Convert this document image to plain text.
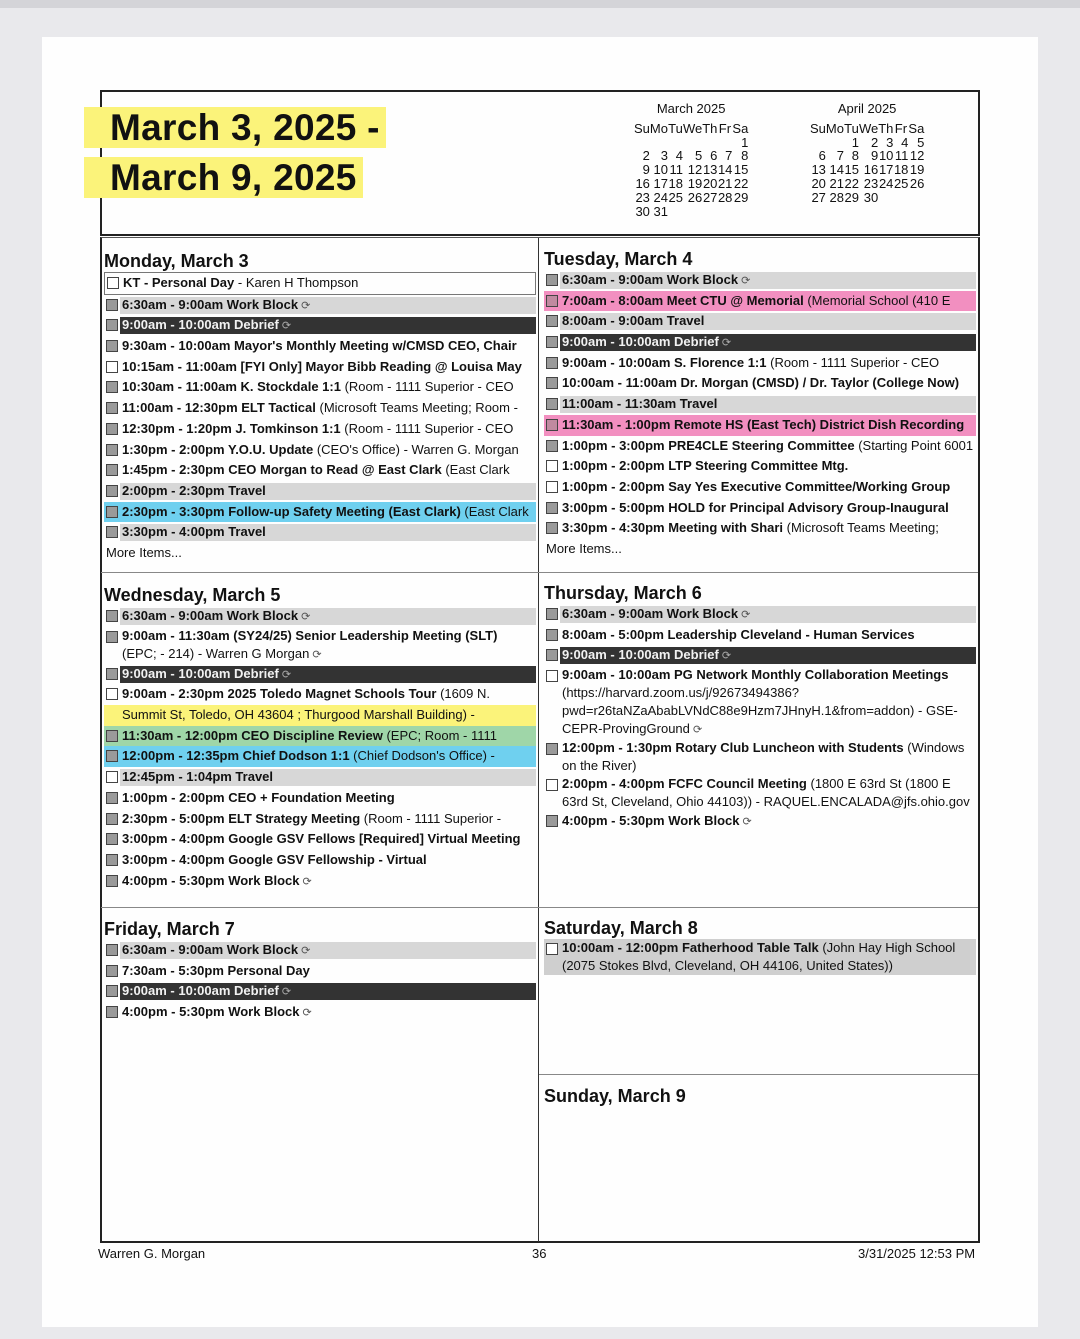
March 3, 2025 -
March 9, 2025
March 2025
Su	Mo	Tu	We	Th	Fr	Sa
						1
2	3	4	5	6	7	8
9	10	11	12	13	14	15
16	17	18	19	20	21	22
23	24	25	26	27	28	29
30	31					
April 2025
Su	Mo	Tu	We	Th	Fr	Sa
		1	2	3	4	5
6	7	8	9	10	11	12
13	14	15	16	17	18	19
20	21	22	23	24	25	26
27	28	29	30			
Monday, March 3
KT - Personal Day - Karen H Thompson
6:30am - 9:00am Work Block ⟳
9:00am - 10:00am Debrief ⟳
9:30am - 10:00am Mayor's Monthly Meeting w/CMSD CEO, Chair
10:15am - 11:00am [FYI Only] Mayor Bibb Reading @ Louisa May
10:30am - 11:00am K. Stockdale 1:1 (Room - 1111 Superior - CEO
11:00am - 12:30pm ELT Tactical (Microsoft Teams Meeting; Room -
12:30pm - 1:20pm J. Tomkinson 1:1 (Room - 1111 Superior - CEO
1:30pm - 2:00pm Y.O.U. Update (CEO's Office) - Warren G. Morgan
1:45pm - 2:30pm CEO Morgan to Read @ East Clark (East Clark
2:00pm - 2:30pm Travel
2:30pm - 3:30pm Follow-up Safety Meeting (East Clark) (East Clark
3:30pm - 4:00pm Travel
More Items...
Tuesday, March 4
6:30am - 9:00am Work Block ⟳
7:00am - 8:00am Meet CTU @ Memorial (Memorial School (410 E
8:00am - 9:00am Travel
9:00am - 10:00am Debrief ⟳
9:00am - 10:00am S. Florence 1:1 (Room - 1111 Superior - CEO
10:00am - 11:00am Dr. Morgan (CMSD) / Dr. Taylor (College Now)
11:00am - 11:30am Travel
11:30am - 1:00pm Remote HS (East Tech) District Dish Recording
1:00pm - 3:00pm PRE4CLE Steering Committee (Starting Point 6001
1:00pm - 2:00pm LTP Steering Committee Mtg.
1:00pm - 2:00pm Say Yes Executive Committee/Working Group
3:00pm - 5:00pm HOLD for Principal Advisory Group-Inaugural
3:30pm - 4:30pm Meeting with Shari (Microsoft Teams Meeting;
More Items...
Wednesday, March 5
6:30am - 9:00am Work Block ⟳
9:00am - 11:30am (SY24/25) Senior Leadership Meeting (SLT)
(EPC; - 214) - Warren G Morgan ⟳
9:00am - 10:00am Debrief ⟳
9:00am - 2:30pm 2025 Toledo Magnet Schools Tour (1609 N.
Summit St, Toledo, OH 43604 ; Thurgood Marshall Building) -
11:30am - 12:00pm CEO Discipline Review (EPC; Room - 1111
12:00pm - 12:35pm Chief Dodson 1:1 (Chief Dodson's Office) -
12:45pm - 1:04pm Travel
1:00pm - 2:00pm CEO + Foundation Meeting
2:30pm - 5:00pm ELT Strategy Meeting (Room - 1111 Superior -
3:00pm - 4:00pm Google GSV Fellows [Required] Virtual Meeting
3:00pm - 4:00pm Google GSV Fellowship - Virtual
4:00pm - 5:30pm Work Block ⟳
Thursday, March 6
6:30am - 9:00am Work Block ⟳
8:00am - 5:00pm Leadership Cleveland - Human Services
9:00am - 10:00am Debrief ⟳
9:00am - 10:00am PG Network Monthly Collaboration Meetings
(https://harvard.zoom.us/j/92673494386?pwd=r26taNZaAbabLVNdC88e9Hzm7JHnyH.1&from=addon) - GSE-CEPR-ProvingGround ⟳
12:00pm - 1:30pm Rotary Club Luncheon with Students (Windows on the River)
2:00pm - 4:00pm FCFC Council Meeting (1800 E 63rd St (1800 E 63rd St, Cleveland, Ohio 44103)) - RAQUEL.ENCALADA@jfs.ohio.gov
4:00pm - 5:30pm Work Block ⟳
Friday, March 7
6:30am - 9:00am Work Block ⟳
7:30am - 5:30pm Personal Day
9:00am - 10:00am Debrief ⟳
4:00pm - 5:30pm Work Block ⟳
Saturday, March 8
10:00am - 12:00pm Fatherhood Table Talk (John Hay High School (2075 Stokes Blvd, Cleveland, OH 44106, United States))
Sunday, March 9
Warren G. Morgan	36	3/31/2025 12:53 PM
